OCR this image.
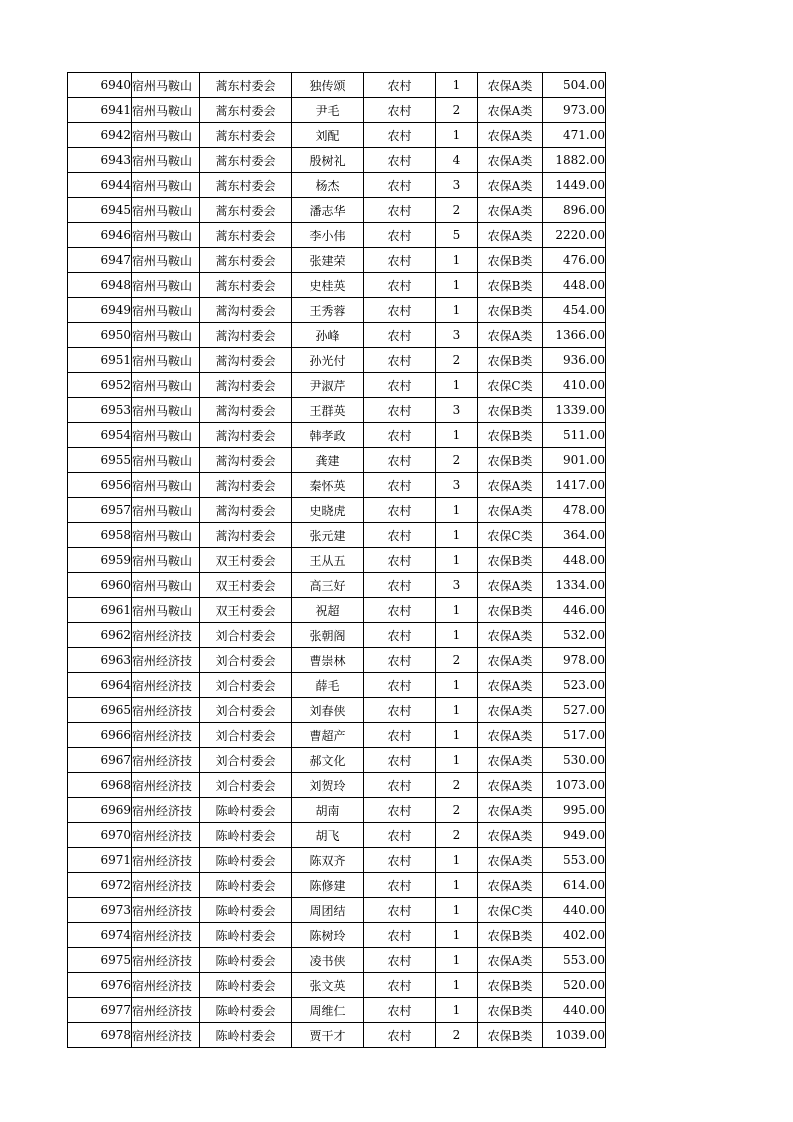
6940	宿州马鞍山	蒿东村委会	独传颂	农村	1	农保A类	504.00
6941	宿州马鞍山	蒿东村委会	尹毛	农村	2	农保A类	973.00
6942	宿州马鞍山	蒿东村委会	刘配	农村	1	农保A类	471.00
6943	宿州马鞍山	蒿东村委会	殷树礼	农村	4	农保A类	1882.00
6944	宿州马鞍山	蒿东村委会	杨杰	农村	3	农保A类	1449.00
6945	宿州马鞍山	蒿东村委会	潘志华	农村	2	农保A类	896.00
6946	宿州马鞍山	蒿东村委会	李小伟	农村	5	农保A类	2220.00
6947	宿州马鞍山	蒿东村委会	张建荣	农村	1	农保B类	476.00
6948	宿州马鞍山	蒿东村委会	史桂英	农村	1	农保B类	448.00
6949	宿州马鞍山	蒿沟村委会	王秀蓉	农村	1	农保B类	454.00
6950	宿州马鞍山	蒿沟村委会	孙峰	农村	3	农保A类	1366.00
6951	宿州马鞍山	蒿沟村委会	孙光付	农村	2	农保B类	936.00
6952	宿州马鞍山	蒿沟村委会	尹淑芹	农村	1	农保C类	410.00
6953	宿州马鞍山	蒿沟村委会	王群英	农村	3	农保B类	1339.00
6954	宿州马鞍山	蒿沟村委会	韩孝政	农村	1	农保B类	511.00
6955	宿州马鞍山	蒿沟村委会	龚建	农村	2	农保B类	901.00
6956	宿州马鞍山	蒿沟村委会	秦怀英	农村	3	农保A类	1417.00
6957	宿州马鞍山	蒿沟村委会	史晓虎	农村	1	农保A类	478.00
6958	宿州马鞍山	蒿沟村委会	张元建	农村	1	农保C类	364.00
6959	宿州马鞍山	双王村委会	王从五	农村	1	农保B类	448.00
6960	宿州马鞍山	双王村委会	高三好	农村	3	农保A类	1334.00
6961	宿州马鞍山	双王村委会	祝超	农村	1	农保B类	446.00
6962	宿州经济技	刘合村委会	张朝阁	农村	1	农保A类	532.00
6963	宿州经济技	刘合村委会	曹崇林	农村	2	农保A类	978.00
6964	宿州经济技	刘合村委会	薛毛	农村	1	农保A类	523.00
6965	宿州经济技	刘合村委会	刘春侠	农村	1	农保A类	527.00
6966	宿州经济技	刘合村委会	曹超产	农村	1	农保A类	517.00
6967	宿州经济技	刘合村委会	郝文化	农村	1	农保A类	530.00
6968	宿州经济技	刘合村委会	刘贺玲	农村	2	农保A类	1073.00
6969	宿州经济技	陈岭村委会	胡南	农村	2	农保A类	995.00
6970	宿州经济技	陈岭村委会	胡飞	农村	2	农保A类	949.00
6971	宿州经济技	陈岭村委会	陈双齐	农村	1	农保A类	553.00
6972	宿州经济技	陈岭村委会	陈修建	农村	1	农保A类	614.00
6973	宿州经济技	陈岭村委会	周团结	农村	1	农保C类	440.00
6974	宿州经济技	陈岭村委会	陈树玲	农村	1	农保B类	402.00
6975	宿州经济技	陈岭村委会	凌书侠	农村	1	农保A类	553.00
6976	宿州经济技	陈岭村委会	张文英	农村	1	农保B类	520.00
6977	宿州经济技	陈岭村委会	周维仁	农村	1	农保B类	440.00
6978	宿州经济技	陈岭村委会	贾干才	农村	2	农保B类	1039.00
